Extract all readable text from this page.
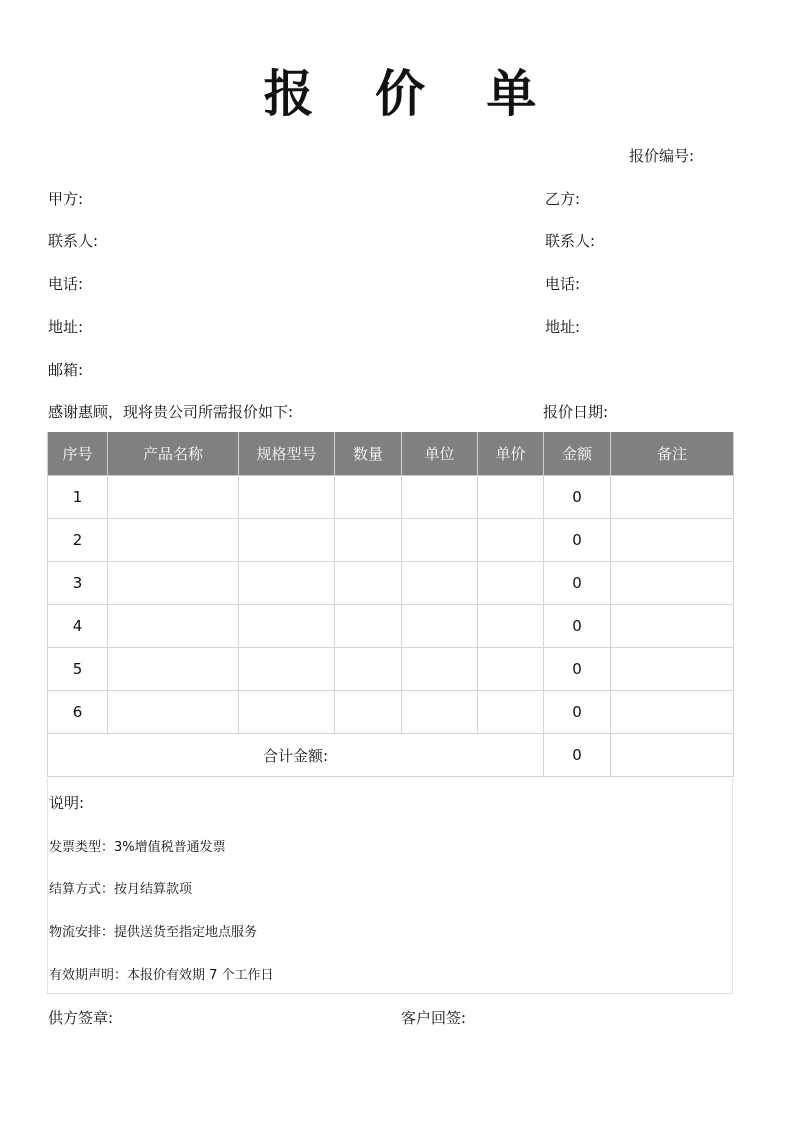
报 价 单
报价编号:
甲方:	乙方:
联系人:	联系人:
电话:	电话:
地址:	地址:
邮箱:
感谢惠顾，现将贵公司所需报价如下:	报价日期:
序号	产品名称	规格型号	数量	单位	单价	金额	备注
1						0	
2						0	
3						0	
4						0	
5						0	
6						0	
合计金额:						0	
说明:
发票类型：3%增值税普通发票
结算方式：按月结算款项
物流安排：提供送货至指定地点服务
有效期声明：本报价有效期 7 个工作日
供方签章:	客户回签:
